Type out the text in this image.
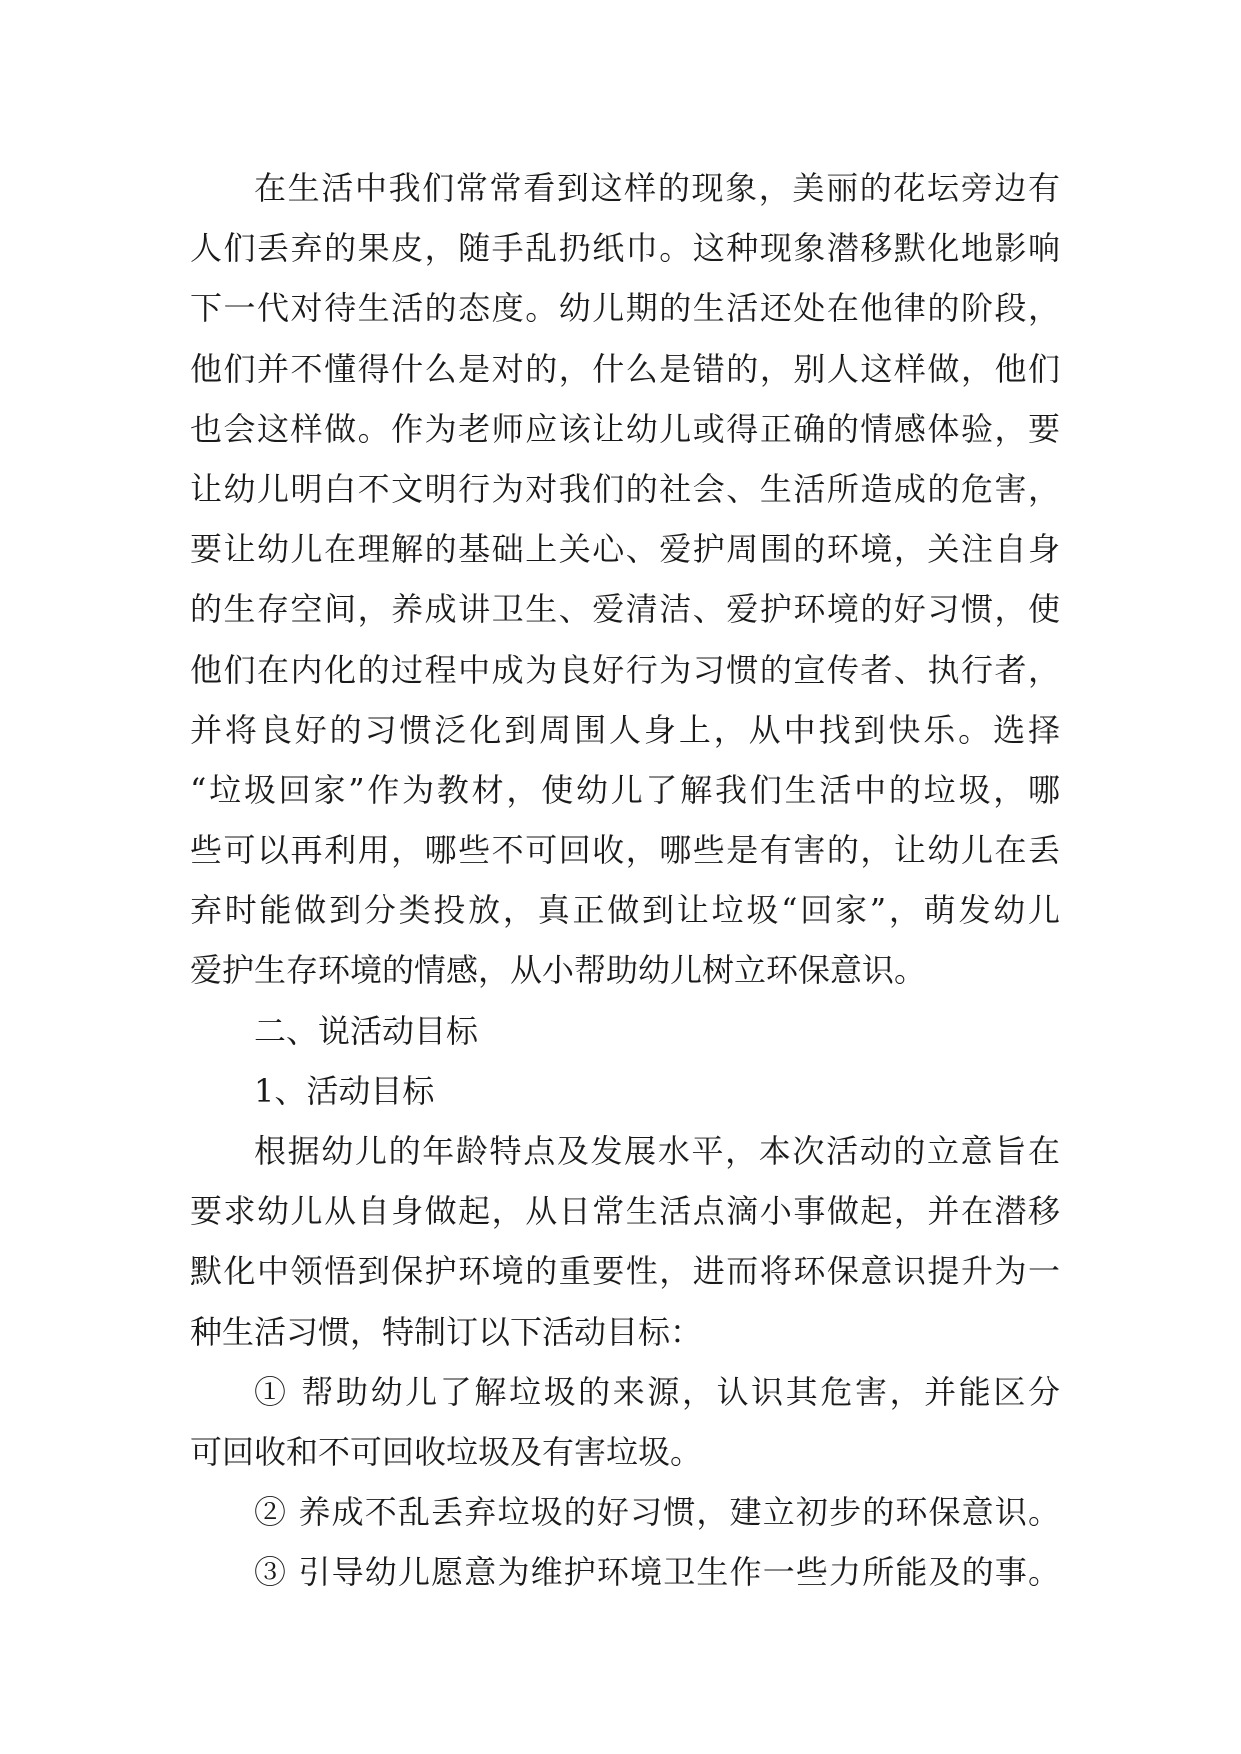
在生活中我们常常看到这样的现象，美丽的花坛旁边有
人们丢弃的果皮，随手乱扔纸巾。这种现象潜移默化地影响
下一代对待生活的态度。幼儿期的生活还处在他律的阶段，
他们并不懂得什么是对的，什么是错的，别人这样做，他们
也会这样做。作为老师应该让幼儿或得正确的情感体验，要
让幼儿明白不文明行为对我们的社会、生活所造成的危害，
要让幼儿在理解的基础上关心、爱护周围的环境，关注自身
的生存空间，养成讲卫生、爱清洁、爱护环境的好习惯，使
他们在内化的过程中成为良好行为习惯的宣传者、执行者，
并将良好的习惯泛化到周围人身上，从中找到快乐。选择
“垃圾回家”作为教材，使幼儿了解我们生活中的垃圾，哪
些可以再利用，哪些不可回收，哪些是有害的，让幼儿在丢
弃时能做到分类投放，真正做到让垃圾“回家”，萌发幼儿
爱护生存环境的情感，从小帮助幼儿树立环保意识。
二、说活动目标
1、活动目标
根据幼儿的年龄特点及发展水平，本次活动的立意旨在
要求幼儿从自身做起，从日常生活点滴小事做起，并在潜移
默化中领悟到保护环境的重要性，进而将环保意识提升为一
种生活习惯，特制订以下活动目标：
① 帮助幼儿了解垃圾的来源，认识其危害，并能区分
可回收和不可回收垃圾及有害垃圾。
② 养成不乱丢弃垃圾的好习惯，建立初步的环保意识。
③ 引导幼儿愿意为维护环境卫生作一些力所能及的事。
